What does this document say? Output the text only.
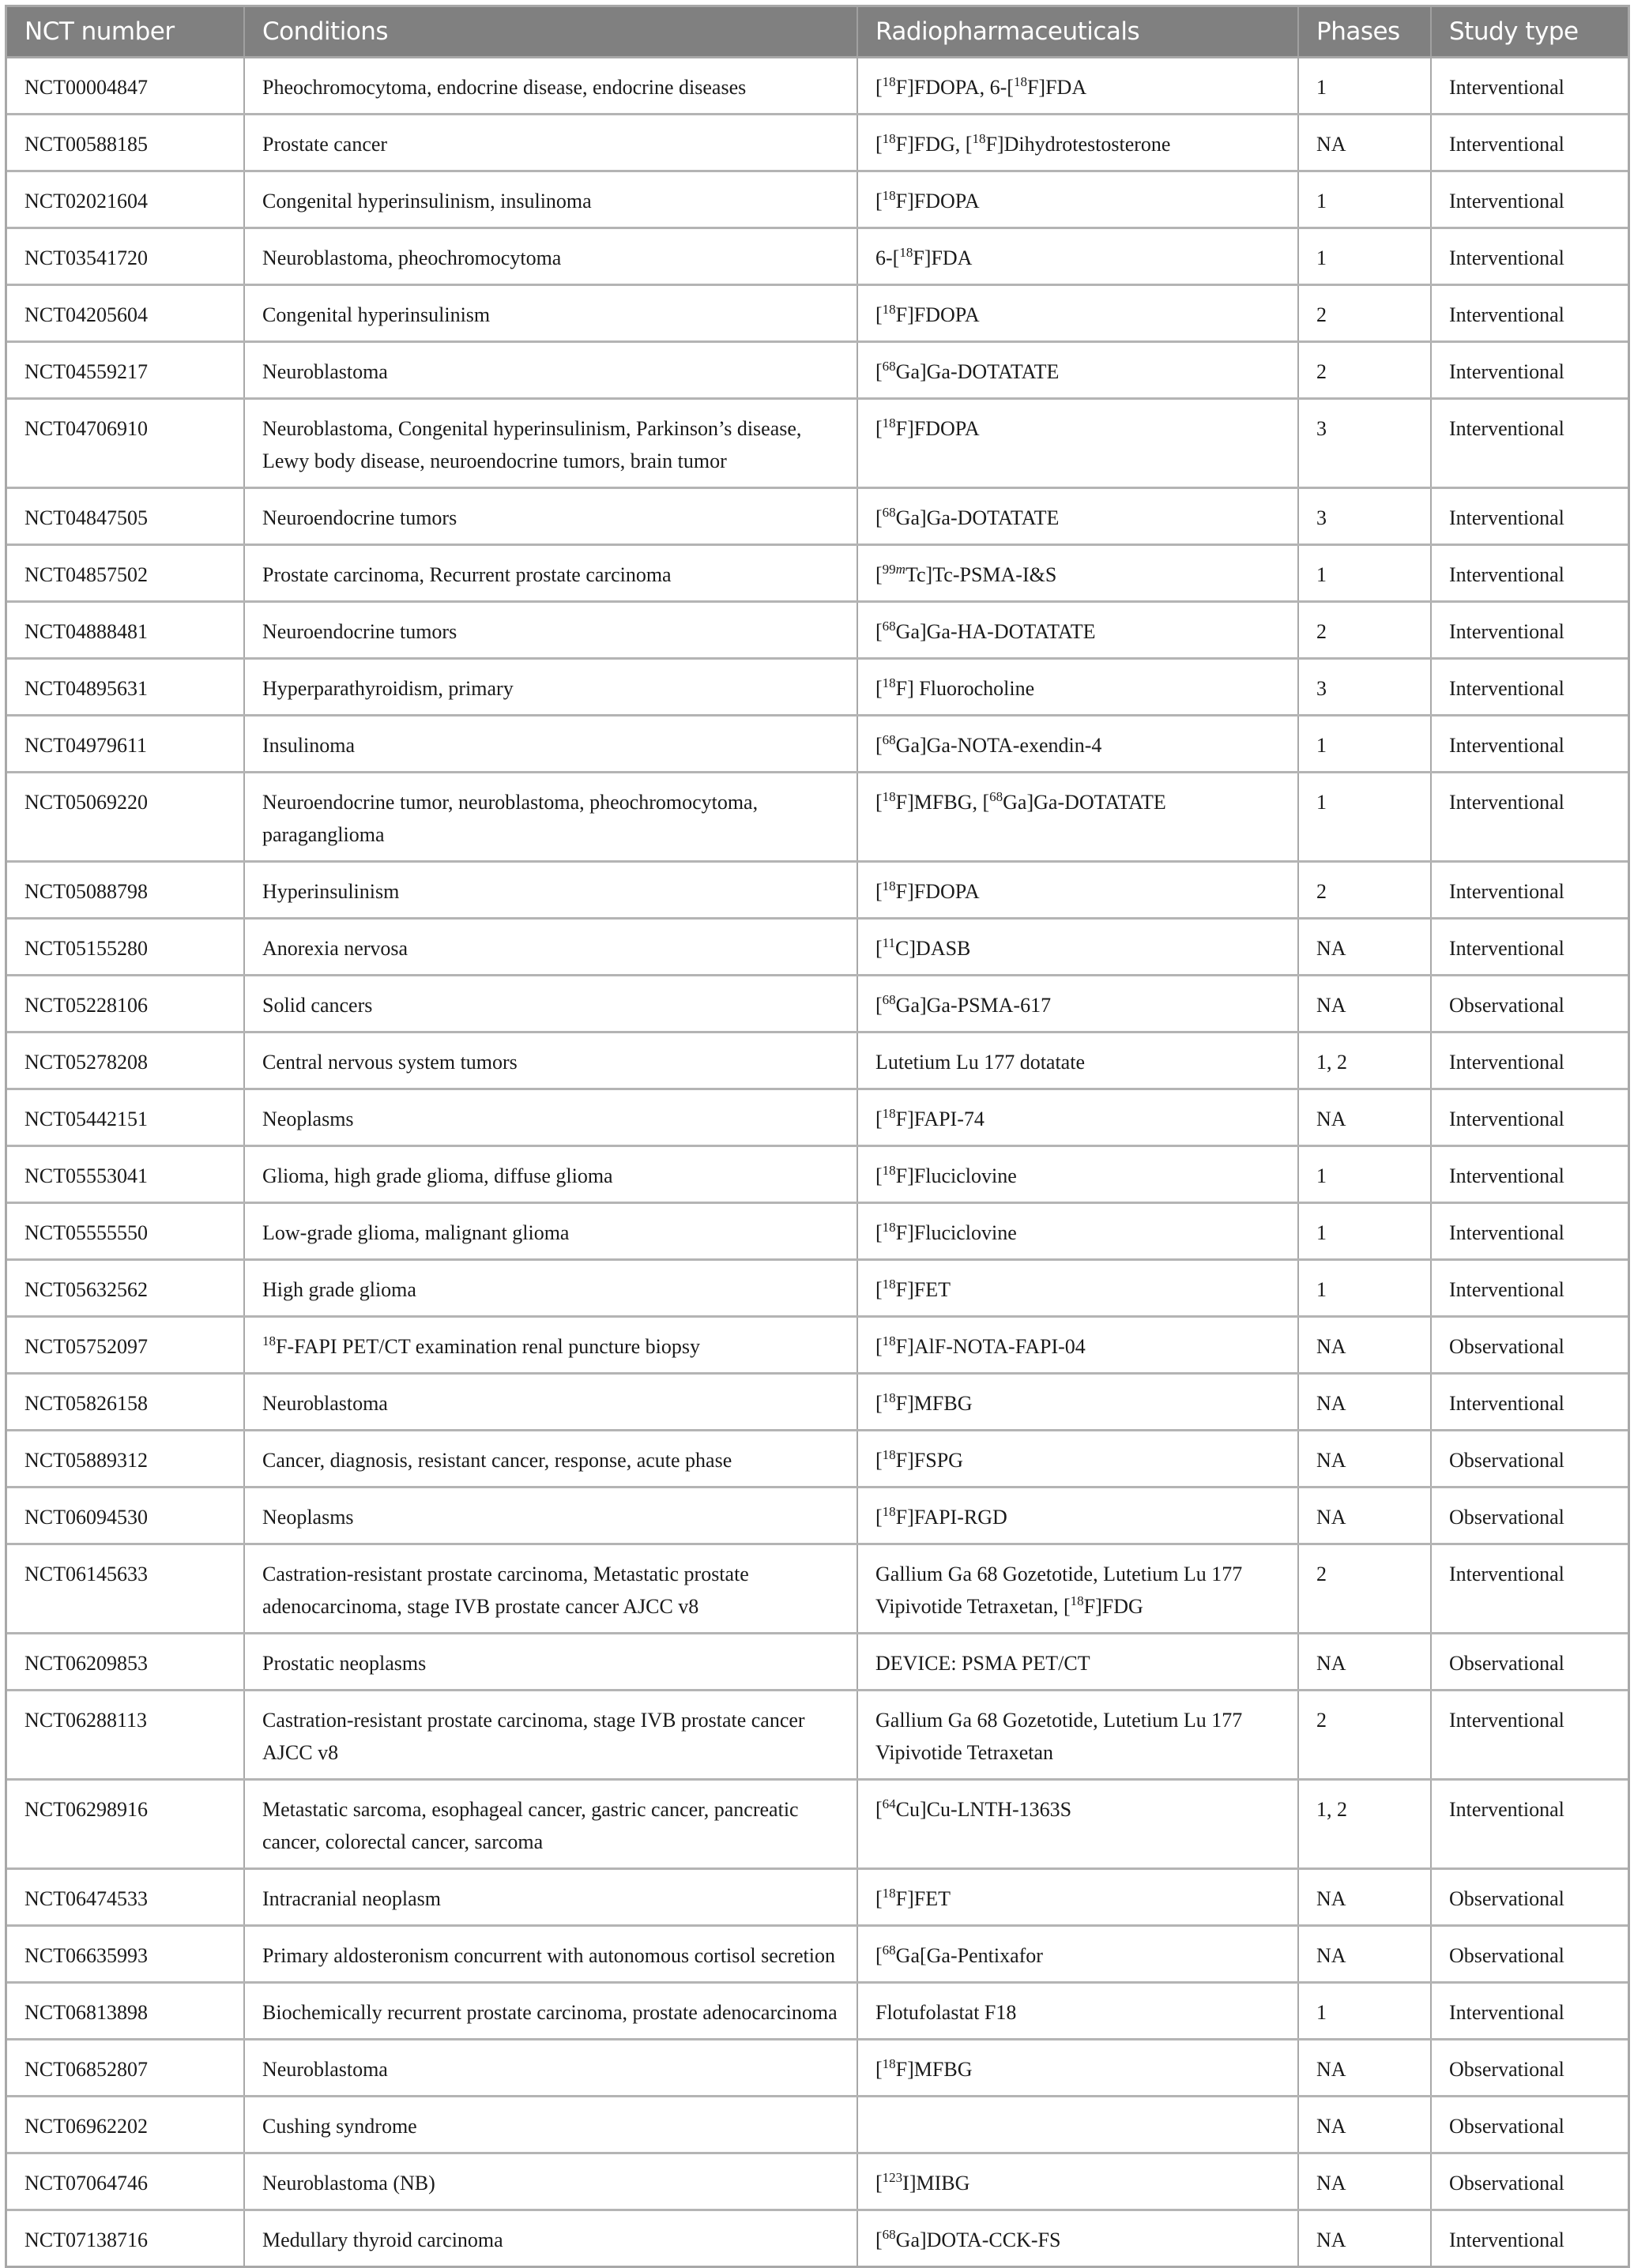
NCT number	Conditions	Radiopharmaceuticals	Phases	Study type
NCT00004847	Pheochromocytoma, endocrine disease, endocrine diseases	[$^{18}$F]FDOPA, 6-[$^{18}$F]FDA	1	Interventional
NCT00588185	Prostate cancer	[$^{18}$F]FDG, [$^{18}$F]Dihydrotestosterone	NA	Interventional
NCT02021604	Congenital hyperinsulinism, insulinoma	[$^{18}$F]FDOPA	1	Interventional
NCT03541720	Neuroblastoma, pheochromocytoma	6-[$^{18}$F]FDA	1	Interventional
NCT04205604	Congenital hyperinsulinism	[$^{18}$F]FDOPA	2	Interventional
NCT04559217	Neuroblastoma	[$^{68}$Ga]Ga-DOTATATE	2	Interventional
NCT04706910	Neuroblastoma, Congenital hyperinsulinism, Parkinson’s disease, Lewy body disease, neuroendocrine tumors, brain tumor	[$^{18}$F]FDOPA	3	Interventional
NCT04847505	Neuroendocrine tumors	[$^{68}$Ga]Ga-DOTATATE	3	Interventional
NCT04857502	Prostate carcinoma, Recurrent prostate carcinoma	[$^{99m}$Tc]Tc-PSMA-I&S	1	Interventional
NCT04888481	Neuroendocrine tumors	[$^{68}$Ga]Ga-HA-DOTATATE	2	Interventional
NCT04895631	Hyperparathyroidism, primary	[$^{18}$F] Fluorocholine	3	Interventional
NCT04979611	Insulinoma	[$^{68}$Ga]Ga-NOTA-exendin-4	1	Interventional
NCT05069220	Neuroendocrine tumor, neuroblastoma, pheochromocytoma, paraganglioma	[$^{18}$F]MFBG, [$^{68}$Ga]Ga-DOTATATE	1	Interventional
NCT05088798	Hyperinsulinism	[$^{18}$F]FDOPA	2	Interventional
NCT05155280	Anorexia nervosa	[$^{11}$C]DASB	NA	Interventional
NCT05228106	Solid cancers	[$^{68}$Ga]Ga-PSMA-617	NA	Observational
NCT05278208	Central nervous system tumors	Lutetium Lu 177 dotatate	1, 2	Interventional
NCT05442151	Neoplasms	[$^{18}$F]FAPI-74	NA	Interventional
NCT05553041	Glioma, high grade glioma, diffuse glioma	[$^{18}$F]Fluciclovine	1	Interventional
NCT05555550	Low-grade glioma, malignant glioma	[$^{18}$F]Fluciclovine	1	Interventional
NCT05632562	High grade glioma	[$^{18}$F]FET	1	Interventional
NCT05752097	$^{18}$F-FAPI PET/CT examination renal puncture biopsy	[$^{18}$F]AlF-NOTA-FAPI-04	NA	Observational
NCT05826158	Neuroblastoma	[$^{18}$F]MFBG	NA	Interventional
NCT05889312	Cancer, diagnosis, resistant cancer, response, acute phase	[$^{18}$F]FSPG	NA	Observational
NCT06094530	Neoplasms	[$^{18}$F]FAPI-RGD	NA	Observational
NCT06145633	Castration-resistant prostate carcinoma, Metastatic prostate adenocarcinoma, stage IVB prostate cancer AJCC v8	Gallium Ga 68 Gozetotide, Lutetium Lu 177 Vipivotide Tetraxetan, [$^{18}$F]FDG	2	Interventional
NCT06209853	Prostatic neoplasms	DEVICE: PSMA PET/CT	NA	Observational
NCT06288113	Castration-resistant prostate carcinoma, stage IVB prostate cancer AJCC v8	Gallium Ga 68 Gozetotide, Lutetium Lu 177 Vipivotide Tetraxetan	2	Interventional
NCT06298916	Metastatic sarcoma, esophageal cancer, gastric cancer, pancreatic cancer, colorectal cancer, sarcoma	[$^{64}$Cu]Cu-LNTH-1363S	1, 2	Interventional
NCT06474533	Intracranial neoplasm	[$^{18}$F]FET	NA	Observational
NCT06635993	Primary aldosteronism concurrent with autonomous cortisol secretion	[$^{68}$Ga[Ga-Pentixafor	NA	Observational
NCT06813898	Biochemically recurrent prostate carcinoma, prostate adenocarcinoma	Flotufolastat F18	1	Interventional
NCT06852807	Neuroblastoma	[$^{18}$F]MFBG	NA	Observational
NCT06962202	Cushing syndrome		NA	Observational
NCT07064746	Neuroblastoma (NB)	[$^{123}$I]MIBG	NA	Observational
NCT07138716	Medullary thyroid carcinoma	[$^{68}$Ga]DOTA-CCK-FS	NA	Interventional
